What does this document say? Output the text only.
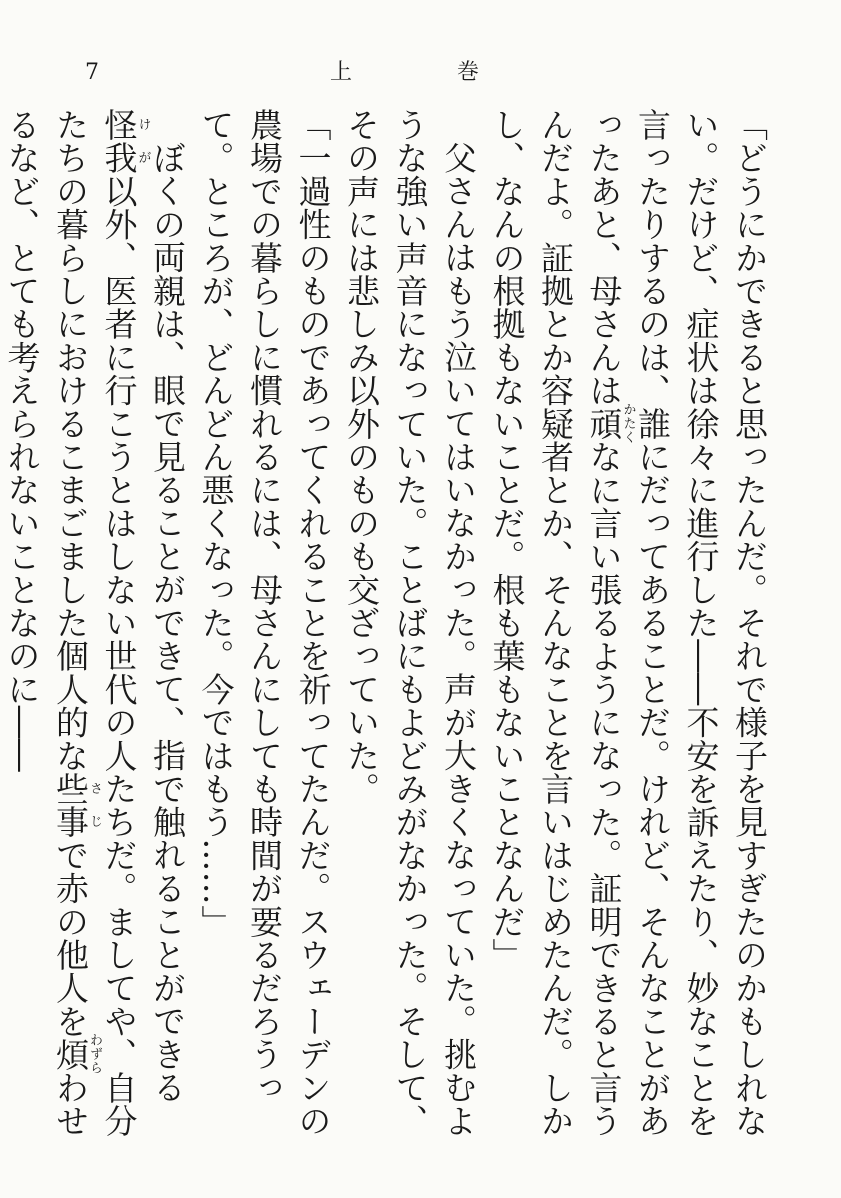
7	上巻

「どうにかできると思ったんだ。それで様子を見すぎたのかもしれない。だけど、症状は徐々に進行した――不安を訴えたり、妙なことを言ったりするのは、誰にだってあることだ。けれど、そんなことがあったあと、母さんは頑かたくなに言い張るようになった。証明できると言うんだよ。証拠とか容疑者とか、そんなことを言いはじめたんだ。しかし、なんの根拠もないことだ。根も葉もないことなんだ」

父さんはもう泣いてはいなかった。声が大きくなっていた。挑むような強い声音になっていた。ことばにもよどみがなかった。そして、その声には悲しみ以外のものも交ざっていた。

「一過性のものであってくれることを祈ってたんだ。スウェーデンの農場での暮らしに慣れるには、母さんにしても時間が要るだろうって。ところが、どんどん悪くなった。今ではもう……」

ぼくの両親は、眼で見ることができて、指で触れることができる怪我けが以外、医者に行こうとはしない世代の人たちだ。ましてや、自分たちの暮らしにおけるこまごました個人的な些事さじで赤の他人を煩わずらわせるなど、とても考えられないことなのに――
